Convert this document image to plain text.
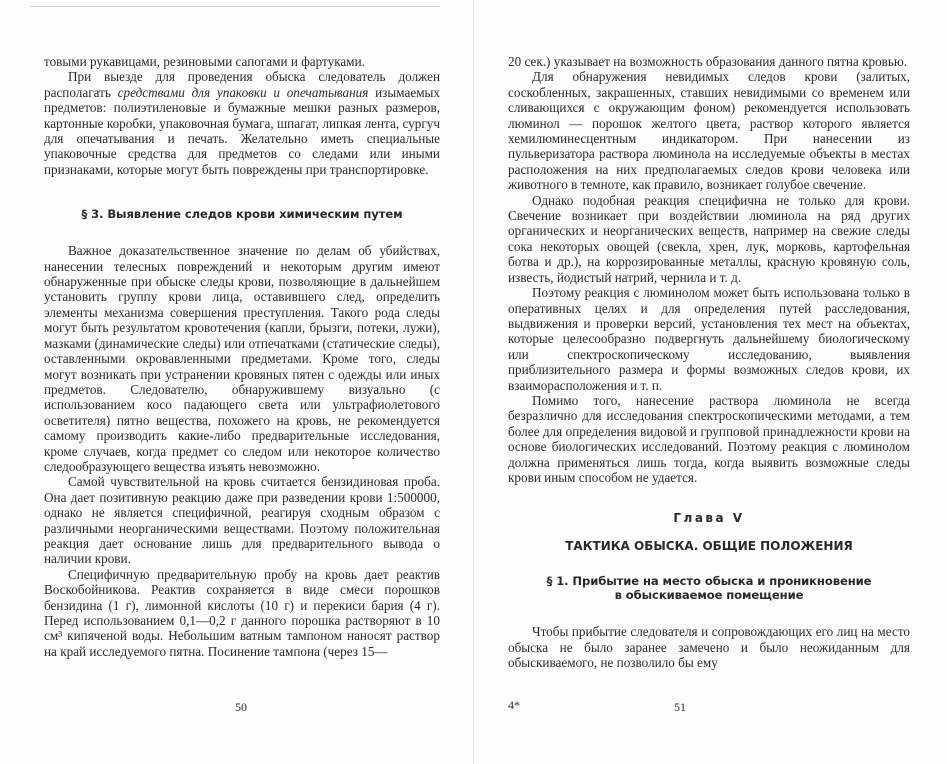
товыми рукавицами, резиновыми сапогами и фартуками.

При выезде для проведения обыска следователь должен располагать средствами для упаковки и опечатывания изымаемых предметов: полиэтиленовые и бумажные мешки разных размеров, картонные коробки, упаковочная бумага, шпагат, липкая лента, сургуч для опечатывания и печать. Желательно иметь специальные упаковочные средства для предметов со следами или иными признаками, которые могут быть повреждены при транспортировке.

§ 3. Выявление следов крови химическим путем

Важное доказательственное значение по делам об убийствах, нанесении телесных повреждений и некоторым другим имеют обнаруженные при обыске следы крови, позволяющие в дальнейшем установить группу крови лица, оставившего след, определить элементы механизма совершения преступления. Такого рода следы могут быть результатом кровотечения (капли, брызги, потеки, лужи), мазками (динамические следы) или отпечатками (статические следы), оставленными окровавленными предметами. Кроме того, следы могут возникать при устранении кровяных пятен с одежды или иных предметов. Следователю, обнаружившему визуально (с использованием косо падающего света или ультрафиолетового осветителя) пятно вещества, похожего на кровь, не рекомендуется самому производить какие-либо предварительные исследования, кроме случаев, когда предмет со следом или некоторое количество следообразующего вещества изъять невозможно.

Самой чувствительной на кровь считается бензидиновая проба. Она дает позитивную реакцию даже при разведении крови 1:500000, однако не является специфичной, реагируя сходным образом с различными неорганическими веществами. Поэтому положительная реакция дает основание лишь для предварительного вывода о наличии крови.

Специфичную предварительную пробу на кровь дает реактив Воскобойникова. Реактив сохраняется в виде смеси порошков бензидина (1 г), лимонной кислоты (10 г) и перекиси бария (4 г). Перед использованием 0,1—0,2 г данного порошка растворяют в 10 см³ кипяченой воды. Небольшим ватным тампоном наносят раствор на край исследуемого пятна. Посинение тампона (через 15—

50

20 сек.) указывает на возможность образования данного пятна кровью.

Для обнаружения невидимых следов крови (залитых, соскобленных, закрашенных, ставших невидимыми со временем или сливающихся с окружающим фоном) рекомендуется использовать люминол — порошок желтого цвета, раствор которого является хемилюминесцентным индикатором. При нанесении из пульверизатора раствора люминола на исследуемые объекты в местах расположения на них предполагаемых следов крови человека или животного в темноте, как правило, возникает голубое свечение.

Однако подобная реакция специфична не только для крови. Свечение возникает при воздействии люминола на ряд других органических и неорганических веществ, например на свежие следы сока некоторых овощей (свекла, хрен, лук, морковь, картофельная ботва и др.), на коррозированные металлы, красную кровяную соль, известь, йодистый натрий, чернила и т. д.

Поэтому реакция с люминолом может быть использована только в оперативных целях и для определения путей расследования, выдвижения и проверки версий, установления тех мест на объектах, которые целесообразно подвергнуть дальнейшему биологическому или спектроскопическому исследованию, выявления приблизительного размера и формы возможных следов крови, их взаиморасположения и т. п.

Помимо того, нанесение раствора люминола не всегда безразлично для исследования спектроскопическими методами, а тем более для определения видовой и групповой принадлежности крови на основе биологических исследований. Поэтому реакция с люминолом должна применяться лишь тогда, когда выявить возможные следы крови иным способом не удается.

Глава V
ТАКТИКА ОБЫСКА. ОБЩИЕ ПОЛОЖЕНИЯ
§ 1. Прибытие на место обыска и проникновение
в обыскиваемое помещение

Чтобы прибытие следователя и сопровождающих его лиц на место обыска не было заранее замечено и было неожиданным для обыскиваемого, не позволило бы ему

4*	51
